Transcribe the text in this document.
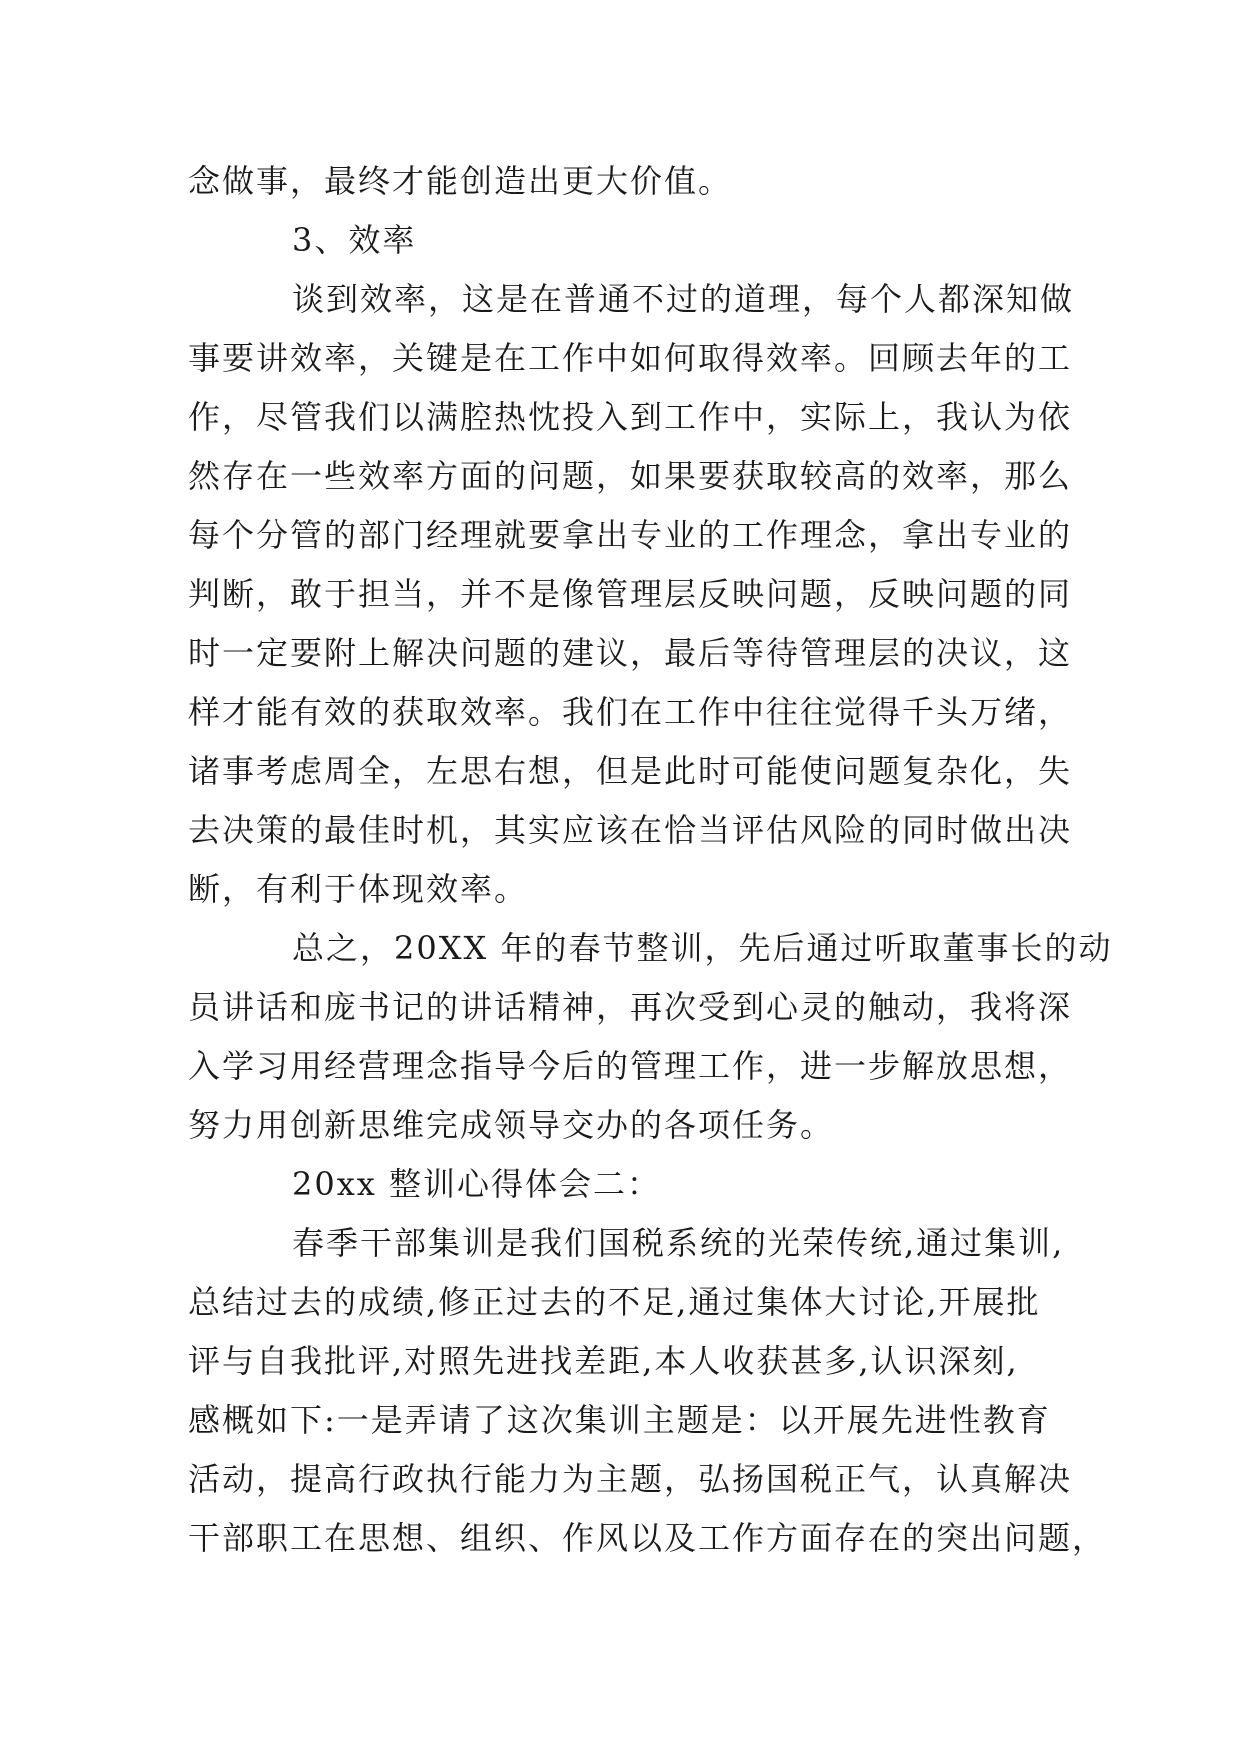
念做事，最终才能创造出更大价值。
3、效率
谈到效率，这是在普通不过的道理，每个人都深知做
事要讲效率，关键是在工作中如何取得效率。回顾去年的工
作，尽管我们以满腔热忱投入到工作中，实际上，我认为依
然存在一些效率方面的问题，如果要获取较高的效率，那么
每个分管的部门经理就要拿出专业的工作理念，拿出专业的
判断，敢于担当，并不是像管理层反映问题，反映问题的同
时一定要附上解决问题的建议，最后等待管理层的决议，这
样才能有效的获取效率。我们在工作中往往觉得千头万绪，
诸事考虑周全，左思右想，但是此时可能使问题复杂化，失
去决策的最佳时机，其实应该在恰当评估风险的同时做出决
断，有利于体现效率。
总之，20XX 年的春节整训，先后通过听取董事长的动
员讲话和庞书记的讲话精神，再次受到心灵的触动，我将深
入学习用经营理念指导今后的管理工作，进一步解放思想，
努力用创新思维完成领导交办的各项任务。
20xx 整训心得体会二：
春季干部集训是我们国税系统的光荣传统,通过集训,
总结过去的成绩,修正过去的不足,通过集体大讨论,开展批
评与自我批评,对照先进找差距,本人收获甚多,认识深刻,
感概如下:一是弄请了这次集训主题是：以开展先进性教育
活动，提高行政执行能力为主题，弘扬国税正气，认真解决
干部职工在思想、组织、作风以及工作方面存在的突出问题，
